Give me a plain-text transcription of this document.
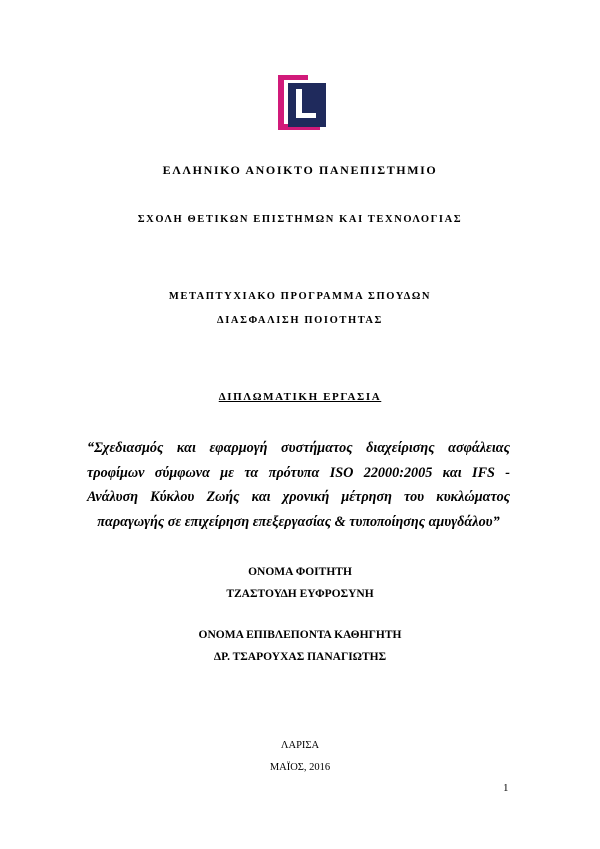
ΕΛΛΗΝΙΚΟ ΑΝΟΙΚΤΟ ΠΑΝΕΠΙΣΤΗΜΙΟ
ΣΧΟΛΗ ΘΕΤΙΚΩΝ ΕΠΙΣΤΗΜΩΝ ΚΑΙ ΤΕΧΝΟΛΟΓΙΑΣ
ΜΕΤΑΠΤΥΧΙΑΚΟ ΠΡΟΓΡΑΜΜΑ ΣΠΟΥΔΩΝ
ΔΙΑΣΦΑΛΙΣΗ ΠΟΙΟΤΗΤΑΣ
ΔΙΠΛΩΜΑΤΙΚΗ ΕΡΓΑΣΙΑ
“Σχεδιασμός και εφαρμογή συστήματος διαχείρισης ασφάλειας
τροφίμων σύμφωνα με τα πρότυπα ISO 22000:2005 και IFS -
Ανάλυση Κύκλου Ζωής και χρονική μέτρηση του κυκλώματος
παραγωγής σε επιχείρηση επεξεργασίας & τυποποίησης αμυγδάλου”
ΟΝΟΜΑ ΦΟΙΤΗΤΗ
ΤΖΑΣΤΟΥΔΗ ΕΥΦΡΟΣΥΝΗ
ΟΝΟΜΑ ΕΠΙΒΛΕΠΟΝΤΑ ΚΑΘΗΓΗΤΗ
ΔΡ. ΤΣΑΡΟΥΧΑΣ ΠΑΝΑΓΙΩΤΗΣ
ΛΑΡΙΣΑ
ΜΑΪΟΣ, 2016
1
